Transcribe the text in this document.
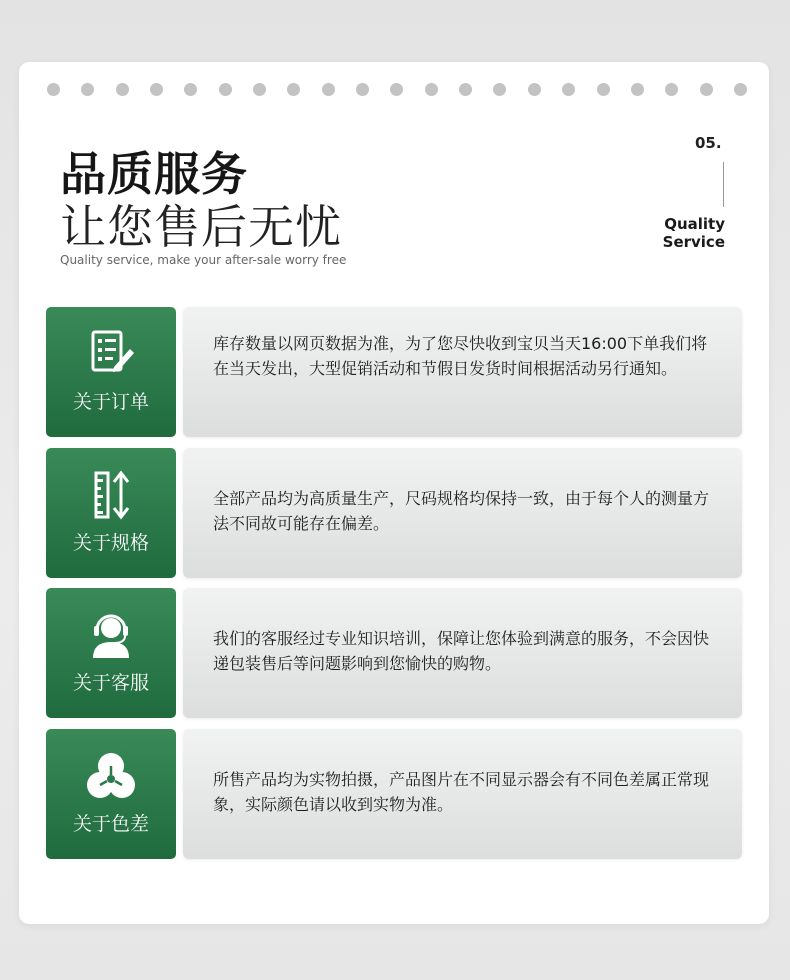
品质服务
让您售后无忧
Quality service, make your after-sale worry free
05.
Quality
Service
关于订单
库存数量以网页数据为准，为了您尽快收到宝贝当天16:00下单我们将在当天发出，大型促销活动和节假日发货时间根据活动另行通知。
关于规格
全部产品均为高质量生产，尺码规格均保持一致，由于每个人的测量方法不同故可能存在偏差。
关于客服
我们的客服经过专业知识培训，保障让您体验到满意的服务，不会因快递包装售后等问题影响到您愉快的购物。
关于色差
所售产品均为实物拍摄，产品图片在不同显示器会有不同色差属正常现象，实际颜色请以收到实物为准。
